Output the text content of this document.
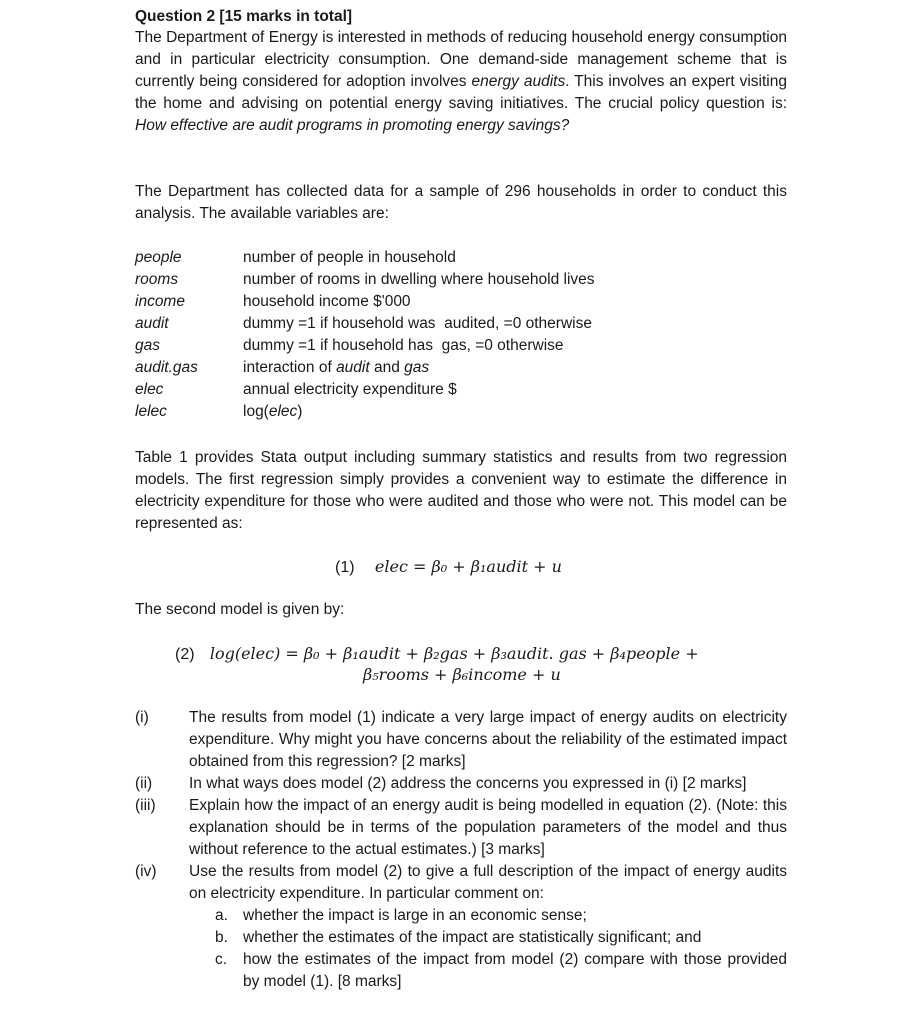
Question 2 [15 marks in total]
The Department of Energy is interested in methods of reducing household energy consumption and in particular electricity consumption. One demand-side management scheme that is currently being considered for adoption involves energy audits. This involves an expert visiting the home and advising on potential energy saving initiatives. The crucial policy question is: How effective are audit programs in promoting energy savings?
The Department has collected data for a sample of 296 households in order to conduct this analysis. The available variables are:
people	number of people in household
rooms	number of rooms in dwelling where household lives
income	household income $'000
audit	dummy =1 if household was  audited, =0 otherwise
gas	dummy =1 if household has  gas, =0 otherwise
audit.gas	interaction of audit and gas
elec	annual electricity expenditure $
lelec	log(elec)
Table 1 provides Stata output including summary statistics and results from two regression models. The first regression simply provides a convenient way to estimate the difference in electricity expenditure for those who were audited and those who were not. This model can be represented as:
(1) elec = β₀ + β₁audit + u
The second model is given by:
(2) log(elec) = β₀ + β₁audit + β₂gas + β₃audit. gas + β₄people +
β₅rooms + β₆income + u
(i)	The results from model (1) indicate a very large impact of energy audits on electricity expenditure. Why might you have concerns about the reliability of the estimated impact obtained from this regression? [2 marks]
(ii) In what ways does model (2) address the concerns you expressed in (i) [2 marks]
(iii) Explain how the impact of an energy audit is being modelled in equation (2). (Note: this explanation should be in terms of the population parameters of the model and thus without reference to the actual estimates.) [3 marks]
(iv) Use the results from model (2) to give a full description of the impact of energy audits on electricity expenditure. In particular comment on:
a. whether the impact is large in an economic sense;
b. whether the estimates of the impact are statistically significant; and
c. how the estimates of the impact from model (2) compare with those provided by model (1). [8 marks]
